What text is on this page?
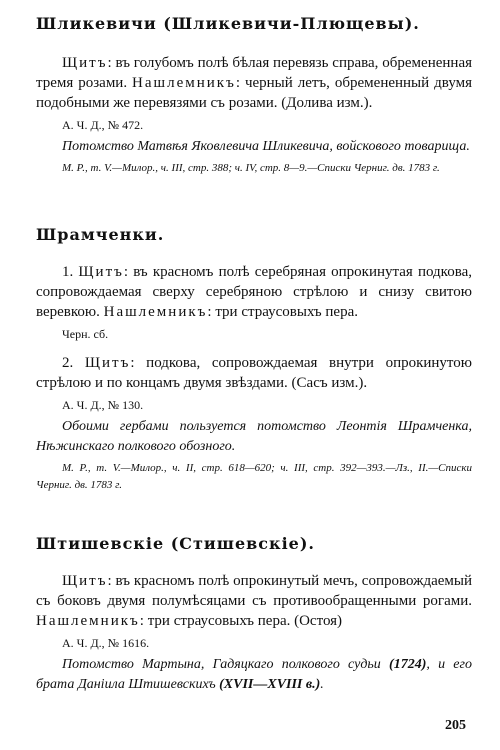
Шликевичи (Шликевичи-Плющевы).

Щитъ: въ голубомъ полѣ бѣлая перевязь справа, обремененная тремя розами. Нашлемникъ: черный летъ, обремененный двумя подобными же перевязями съ розами. (Долива изм.).

А. Ч. Д., № 472.

Потомство Матвѣя Яковлевича Шликевича, войскового товарища.

М. Р., т. V.—Милор., ч. III, стр. 388; ч. IV, стр. 8—9.—Списки Черниг. дв. 1783 г.

Шрамченки.

1. Щитъ: въ красномъ полѣ серебряная опрокинутая подкова, сопровождаемая сверху серебряною стрѣлою и снизу свитою веревкою. Нашлемникъ: три страусовыхъ пера.

Черн. сб.

2. Щитъ: подкова, сопровождаемая внутри опрокинутою стрѣлою и по концамъ двумя звѣздами. (Сасъ изм.).

А. Ч. Д., № 130.

Обоими гербами пользуется потомство Леонтія Шрамченка, Нѣжинскаго полкового обозного.

М. Р., т. V.—Милор., ч. II, стр. 618—620; ч. III, стр. 392—393.—Лз., II.—Списки Черниг. дв. 1783 г.

Штишевскіе (Стишевскіе).

Щитъ: въ красномъ полѣ опрокинутый мечъ, сопровождаемый съ боковъ двумя полумѣсяцами съ противообращенными рогами. Нашлемникъ: три страусовыхъ пера. (Остоя)

А. Ч. Д., № 1616.

Потомство Мартына, Гадяцкаго полкового судьи (1724), и его брата Даніила Штишевскихъ (XVII—XVIII в.).

205
